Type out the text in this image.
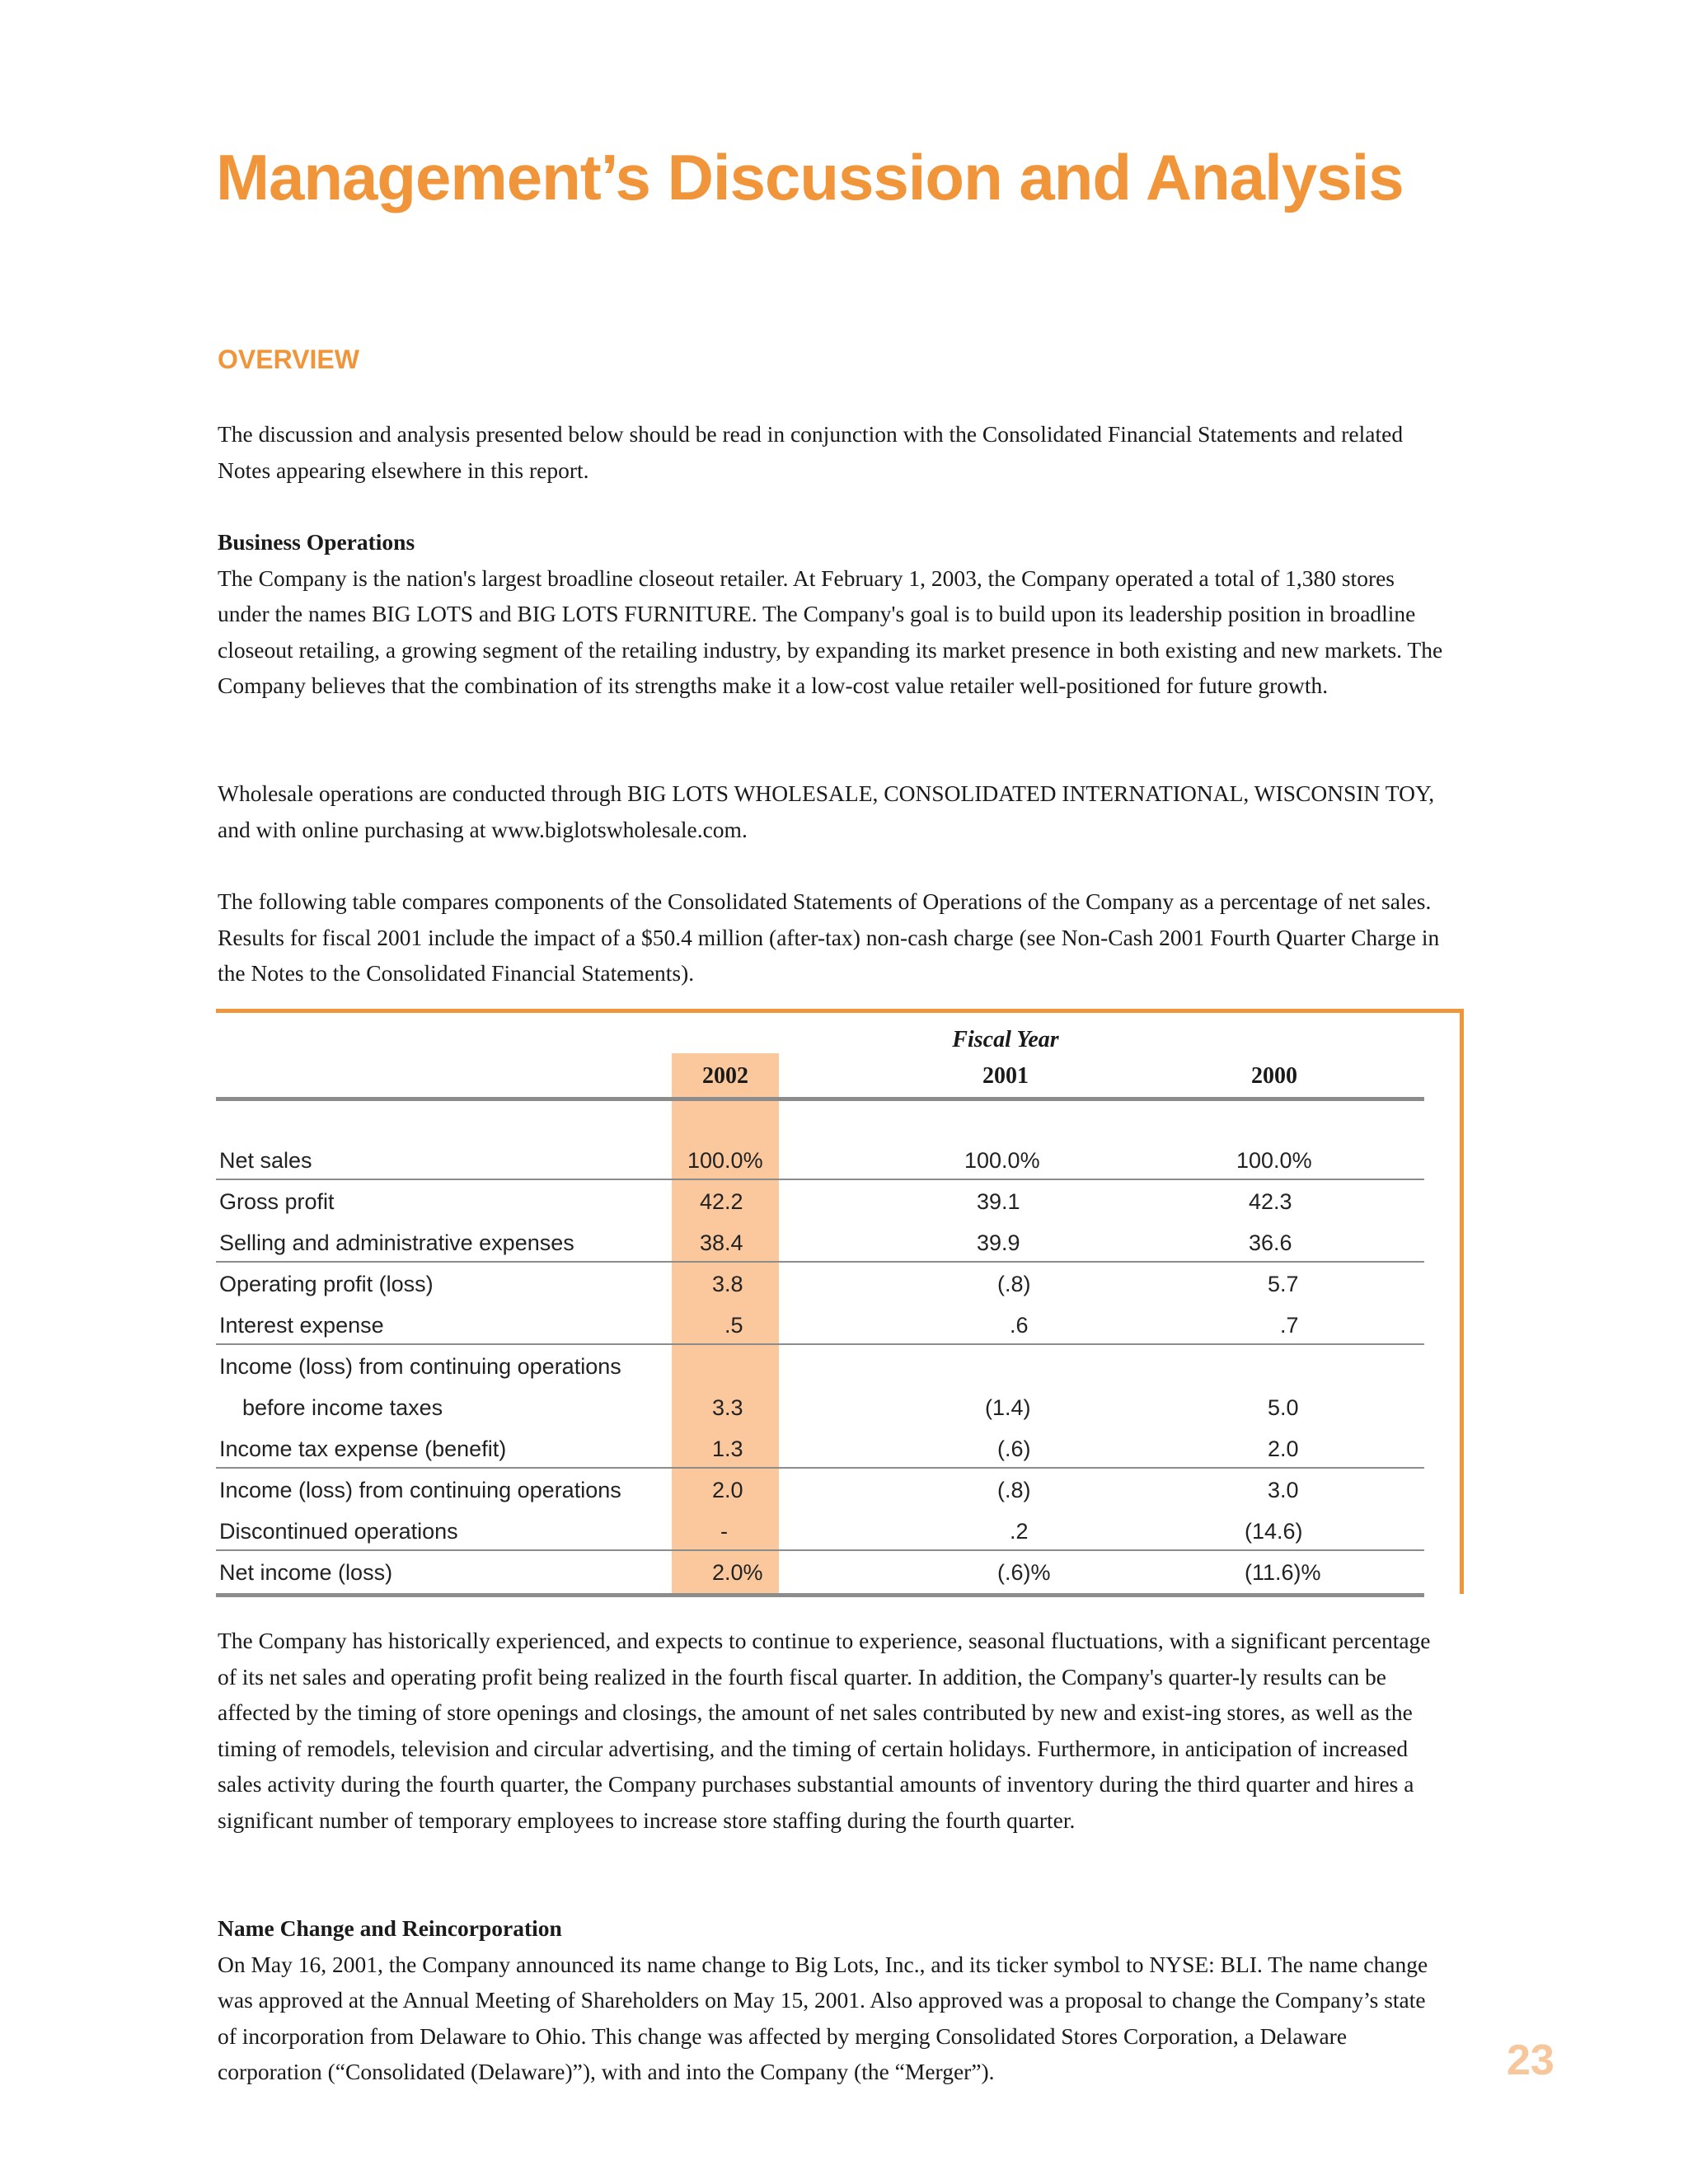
Management’s Discussion and Analysis
OVERVIEW

The discussion and analysis presented below should be read in conjunction with the Consolidated Financial Statements and related Notes appearing elsewhere in this report.

Business Operations
The Company is the nation's largest broadline closeout retailer. At February 1, 2003, the Company operated a total of 1,380 stores under the names BIG LOTS and BIG LOTS FURNITURE. The Company's goal is to build upon its leadership position in broadline closeout retailing, a growing segment of the retailing industry, by expanding its market presence in both existing and new markets. The Company believes that the combination of its strengths make it a low-cost value retailer well-positioned for future growth.

Wholesale operations are conducted through BIG LOTS WHOLESALE, CONSOLIDATED INTERNATIONAL, WISCONSIN TOY, and with online purchasing at www.biglotswholesale.com.

The following table compares components of the Consolidated Statements of Operations of the Company as a percentage of net sales. Results for fiscal 2001 include the impact of a $50.4 million (after-tax) non-cash charge (see Non-Cash 2001 Fourth Quarter Charge in the Notes to the Consolidated Financial Statements).

Fiscal Year
2002	2001	2000
Net sales	100.0%	100.0%	100.0%
Gross profit	42.2	39.1	42.3
Selling and administrative expenses	38.4	39.9	36.6
Operating profit (loss)	3.8	(.8)	5.7
Interest expense	.5	.6	.7
Income (loss) from continuing operations
before income taxes	3.3	(1.4)	5.0
Income tax expense (benefit)	1.3	(.6)	2.0
Income (loss) from continuing operations	2.0	(.8)	3.0
Discontinued operations	-	.2	(14.6)
Net income (loss)	2.0%	(.6)%	(11.6)%

The Company has historically experienced, and expects to continue to experience, seasonal fluctuations, with a significant percentage of its net sales and operating profit being realized in the fourth fiscal quarter. In addition, the Company's quarter-ly results can be affected by the timing of store openings and closings, the amount of net sales contributed by new and exist-ing stores, as well as the timing of remodels, television and circular advertising, and the timing of certain holidays. Furthermore, in anticipation of increased sales activity during the fourth quarter, the Company purchases substantial amounts of inventory during the third quarter and hires a significant number of temporary employees to increase store staffing during the fourth quarter.

Name Change and Reincorporation
On May 16, 2001, the Company announced its name change to Big Lots, Inc., and its ticker symbol to NYSE: BLI. The name change was approved at the Annual Meeting of Shareholders on May 15, 2001. Also approved was a proposal to change the Company’s state of incorporation from Delaware to Ohio. This change was affected by merging Consolidated Stores Corporation, a Delaware corporation (“Consolidated (Delaware)”), with and into the Company (the “Merger”).	23
